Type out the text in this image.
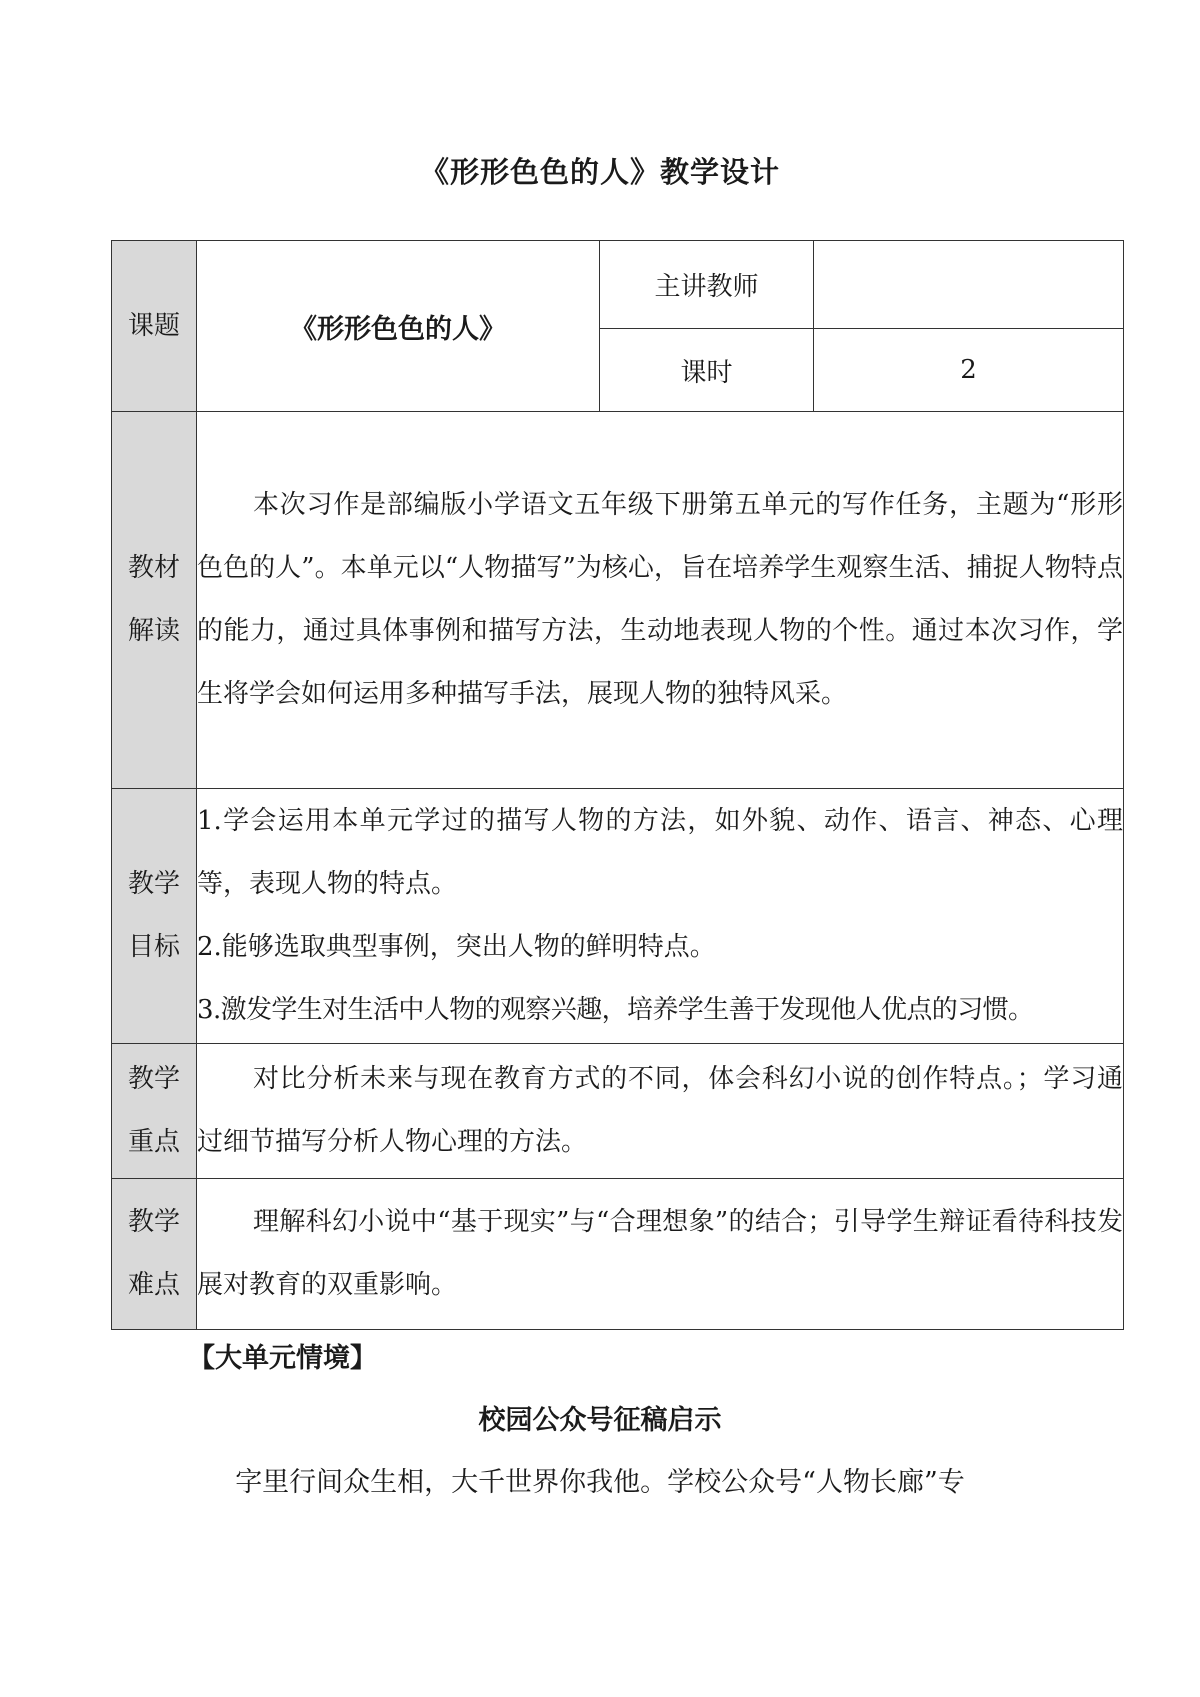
《形形色色的人》教学设计
课题	《形形色色的人》	主讲教师	
		课时	2
教材解读	本次习作是部编版小学语文五年级下册第五单元的写作任务，主题为“形形色色的人”。本单元以“人物描写”为核心，旨在培养学生观察生活、捕捉人物特点的能力，通过具体事例和描写方法，生动地表现人物的个性。通过本次习作，学生将学会如何运用多种描写手法，展现人物的独特风采。		

教学目标	1.学会运用本单元学过的描写人物的方法，如外貌、动作、语言、神态、心理等，表现人物的特点。

2.能够选取典型事例，突出人物的鲜明特点。

3.激发学生对生活中人物的观察兴趣，培养学生善于发现他人优点的习惯。		

教学重点	对比分析未来与现在教育方式的不同，体会科幻小说的创作特点。；学习通过细节描写分析人物心理的方法。		

教学难点	理解科幻小说中“基于现实”与“合理想象”的结合；引导学生辩证看待科技发展对教育的双重影响。		

【大单元情境】
校园公众号征稿启示
字里行间众生相，大千世界你我他。学校公众号“人物长廊”专
